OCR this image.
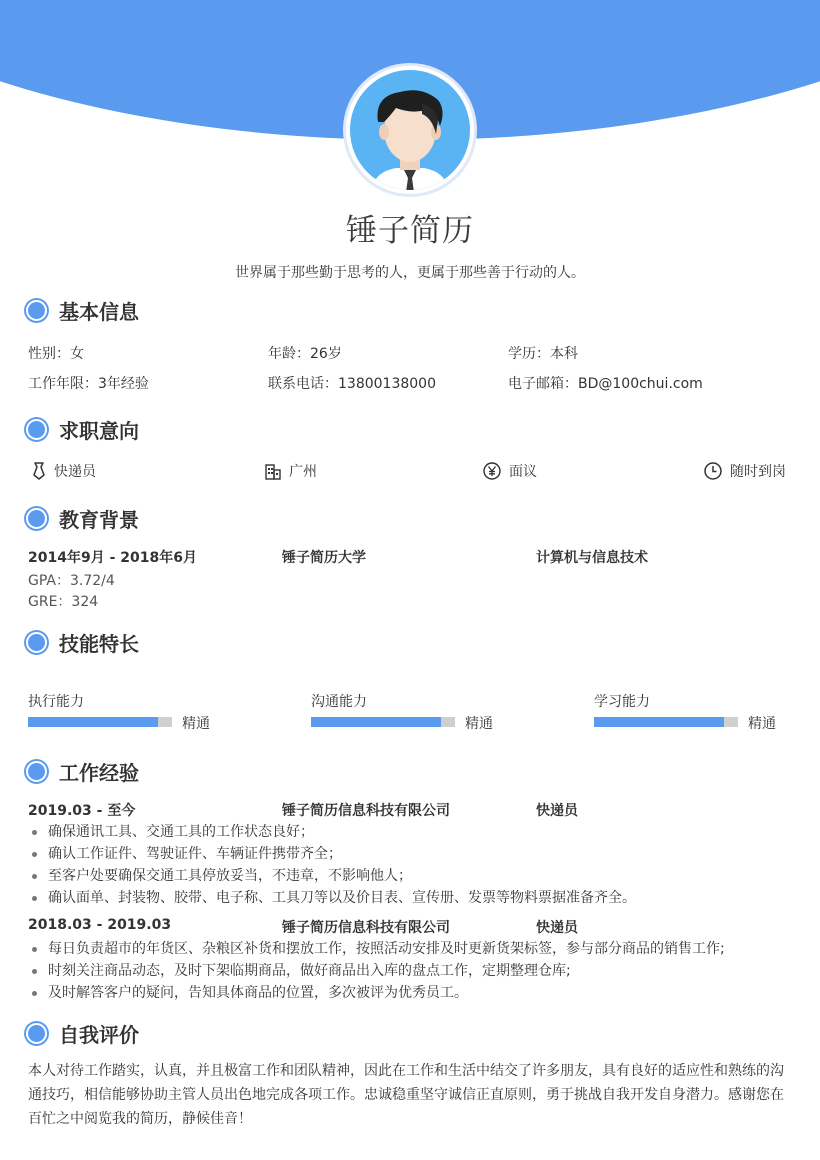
锤子简历
世界属于那些勤于思考的人，更属于那些善于行动的人。
基本信息
性别：女	年龄：26岁	学历：本科
工作年限：3年经验	联系电话：13800138000	电子邮箱：BD@100chui.com
求职意向
快递员	广州	面议	随时到岗
教育背景
2014年9月 - 2018年6月	锤子简历大学	计算机与信息技术
GPA：3.72/4
GRE：324
技能特长
执行能力
精通
沟通能力
精通
学习能力
精通
工作经验
2019.03 - 至今	锤子简历信息科技有限公司	快递员
确保通讯工具、交通工具的工作状态良好；
确认工作证件、驾驶证件、车辆证件携带齐全；
至客户处要确保交通工具停放妥当，不违章，不影响他人；
确认面单、封装物、胶带、电子称、工具刀等以及价目表、宣传册、发票等物料票据准备齐全。
2018.03 - 2019.03	锤子简历信息科技有限公司	快递员
每日负责超市的年货区、杂粮区补货和摆放工作，按照活动安排及时更新货架标签，参与部分商品的销售工作;
时刻关注商品动态，及时下架临期商品，做好商品出入库的盘点工作，定期整理仓库;
及时解答客户的疑问，告知具体商品的位置，多次被评为优秀员工。
自我评价
本人对待工作踏实，认真，并且极富工作和团队精神，因此在工作和生活中结交了许多朋友，具有良好的适应性和熟练的沟通技巧，相信能够协助主管人员出色地完成各项工作。忠诚稳重坚守诚信正直原则，勇于挑战自我开发自身潜力。感谢您在百忙之中阅览我的简历，静候佳音！
